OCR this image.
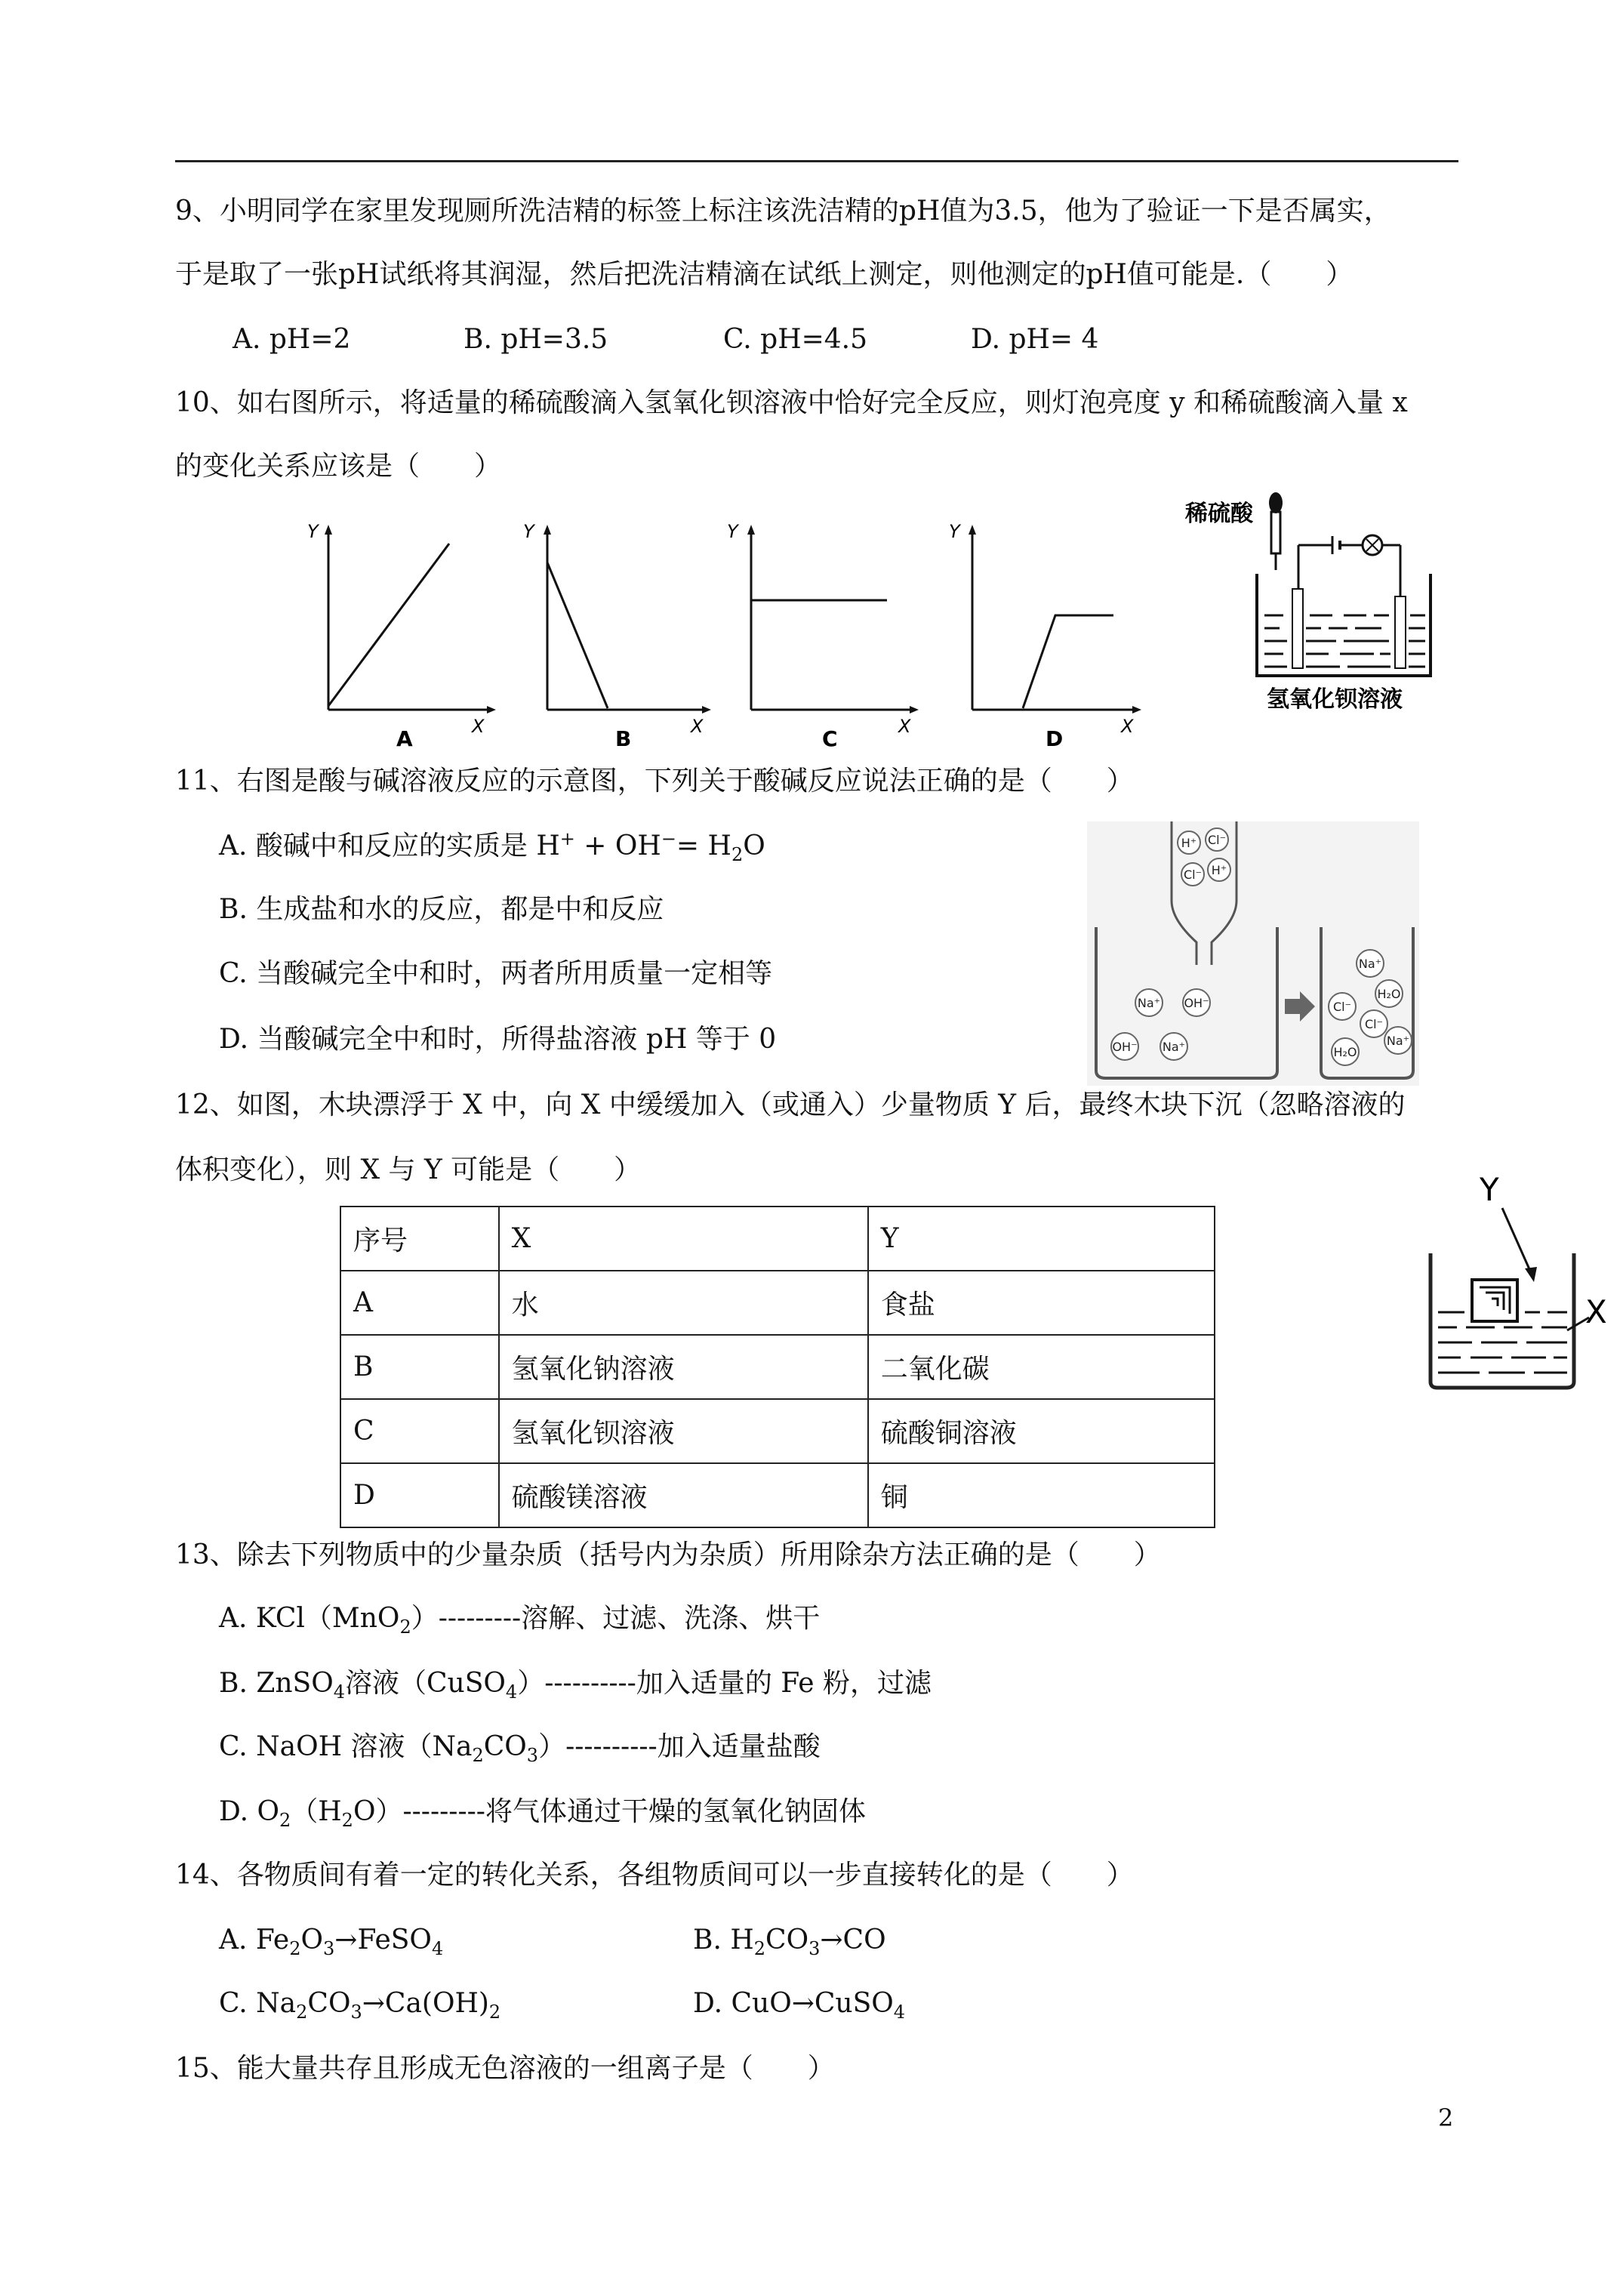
9、小明同学在家里发现厕所洗洁精的标签上标注该洗洁精的pH值为3.5，他为了验证一下是否属实，
于是取了一张pH试纸将其润湿，然后把洗洁精滴在试纸上测定，则他测定的pH值可能是.（　　）
A. pH=2	B. pH=3.5	C. pH=4.5	D. pH= 4
10、如右图所示，将适量的稀硫酸滴入氢氧化钡溶液中恰好完全反应，则灯泡亮度 y 和稀硫酸滴入量 x
的变化关系应该是（　　）
Y
X
A
Y
X
B
Y
X
C
Y
X
D
稀硫酸
氢氧化钡溶液
11、右图是酸与碱溶液反应的示意图，下列关于酸碱反应说法正确的是（　　）
A. 酸碱中和反应的实质是 $H^+ + OH^-= H_2O$
B. 生成盐和水的反应，都是中和反应
C. 当酸碱完全中和时，两者所用质量一定相等
D. 当酸碱完全中和时，所得盐溶液 pH 等于 0
H⁺ Cl⁻
Cl⁻ H⁺
Na⁺ OH⁻
OH⁻ Na⁺
Na⁺
H₂O
Cl⁻
Cl⁻
Na⁺
H₂O
12、如图，木块漂浮于 X 中，向 X 中缓缓加入（或通入）少量物质 Y 后，最终木块下沉（忽略溶液的
体积变化），则 X 与 Y 可能是（　　）
序号	X	Y
A	水	食盐
B	氢氧化钠溶液	二氧化碳
C	氢氧化钡溶液	硫酸铜溶液
D	硫酸镁溶液	铜
Y
X
13、除去下列物质中的少量杂质（括号内为杂质）所用除杂方法正确的是（　　）
A. KCl（MnO$_2$）---------溶解、过滤、洗涤、烘干
B. ZnSO$_4$溶液（CuSO$_4$）----------加入适量的 Fe 粉，过滤
C. NaOH 溶液$(Na_2CO_3)----------$加入适量盐酸
D. $O_2(H_2O)---------$将气体通过干燥的氢氧化钠固体
14、各物质间有着一定的转化关系，各组物质间可以一步直接转化的是（　　）
A. $Fe_2O_3\to FeSO_4$	B. $H_2CO_3\to CO$
C. $Na_2CO_3\to Ca(OH)_2$	D. CuO→CuSO$_4$
15、能大量共存且形成无色溶液的一组离子是（　　）
2
